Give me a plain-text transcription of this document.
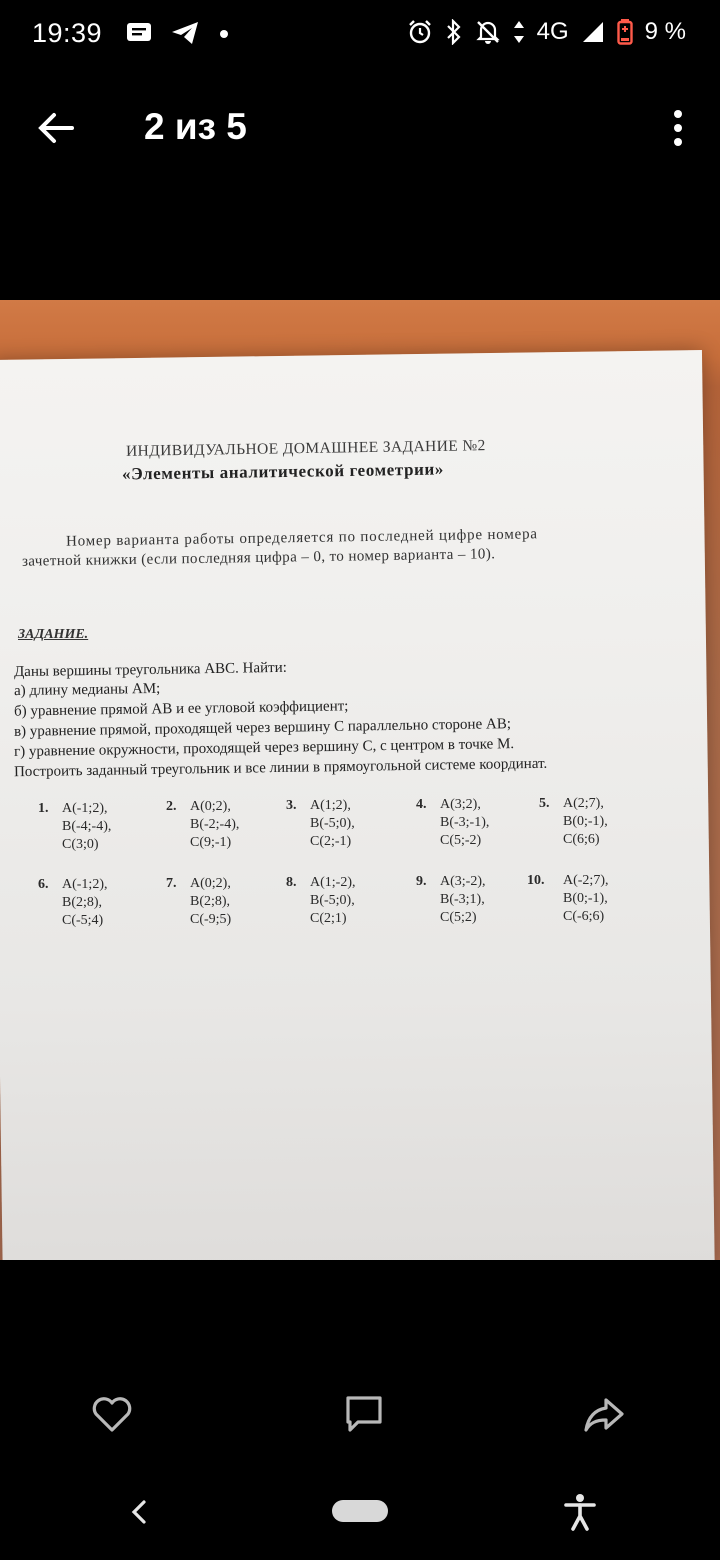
19:39	4G	9 %
2 из 5
ИНДИВИДУАЛЬНОЕ ДОМАШНЕЕ ЗАДАНИЕ №2
«Элементы аналитической геометрии»
Номер варианта работы определяется по последней цифре номера
зачетной книжки (если последняя цифра – 0, то номер варианта – 10).
ЗАДАНИЕ.
Даны вершины треугольника ABC. Найти:
а) длину медианы AM;
б) уравнение прямой AB и ее угловой коэффициент;
в) уравнение прямой, проходящей через вершину C параллельно стороне AB;
г) уравнение окружности, проходящей через вершину C, с центром в точке M.
Построить заданный треугольник и все линии в прямоугольной системе координат.
1. A(-1;2),
B(-4;-4),
C(3;0)
2. A(0;2),
B(-2;-4),
C(9;-1)
3. A(1;2),
B(-5;0),
C(2;-1)
4. A(3;2),
B(-3;-1),
C(5;-2)
5. A(2;7),
B(0;-1),
C(6;6)
6. A(-1;2),
B(2;8),
C(-5;4)
7. A(0;2),
B(2;8),
C(-9;5)
8. A(1;-2),
B(-5;0),
C(2;1)
9. A(3;-2),
B(-3;1),
C(5;2)
10. A(-2;7),
B(0;-1),
C(-6;6)
